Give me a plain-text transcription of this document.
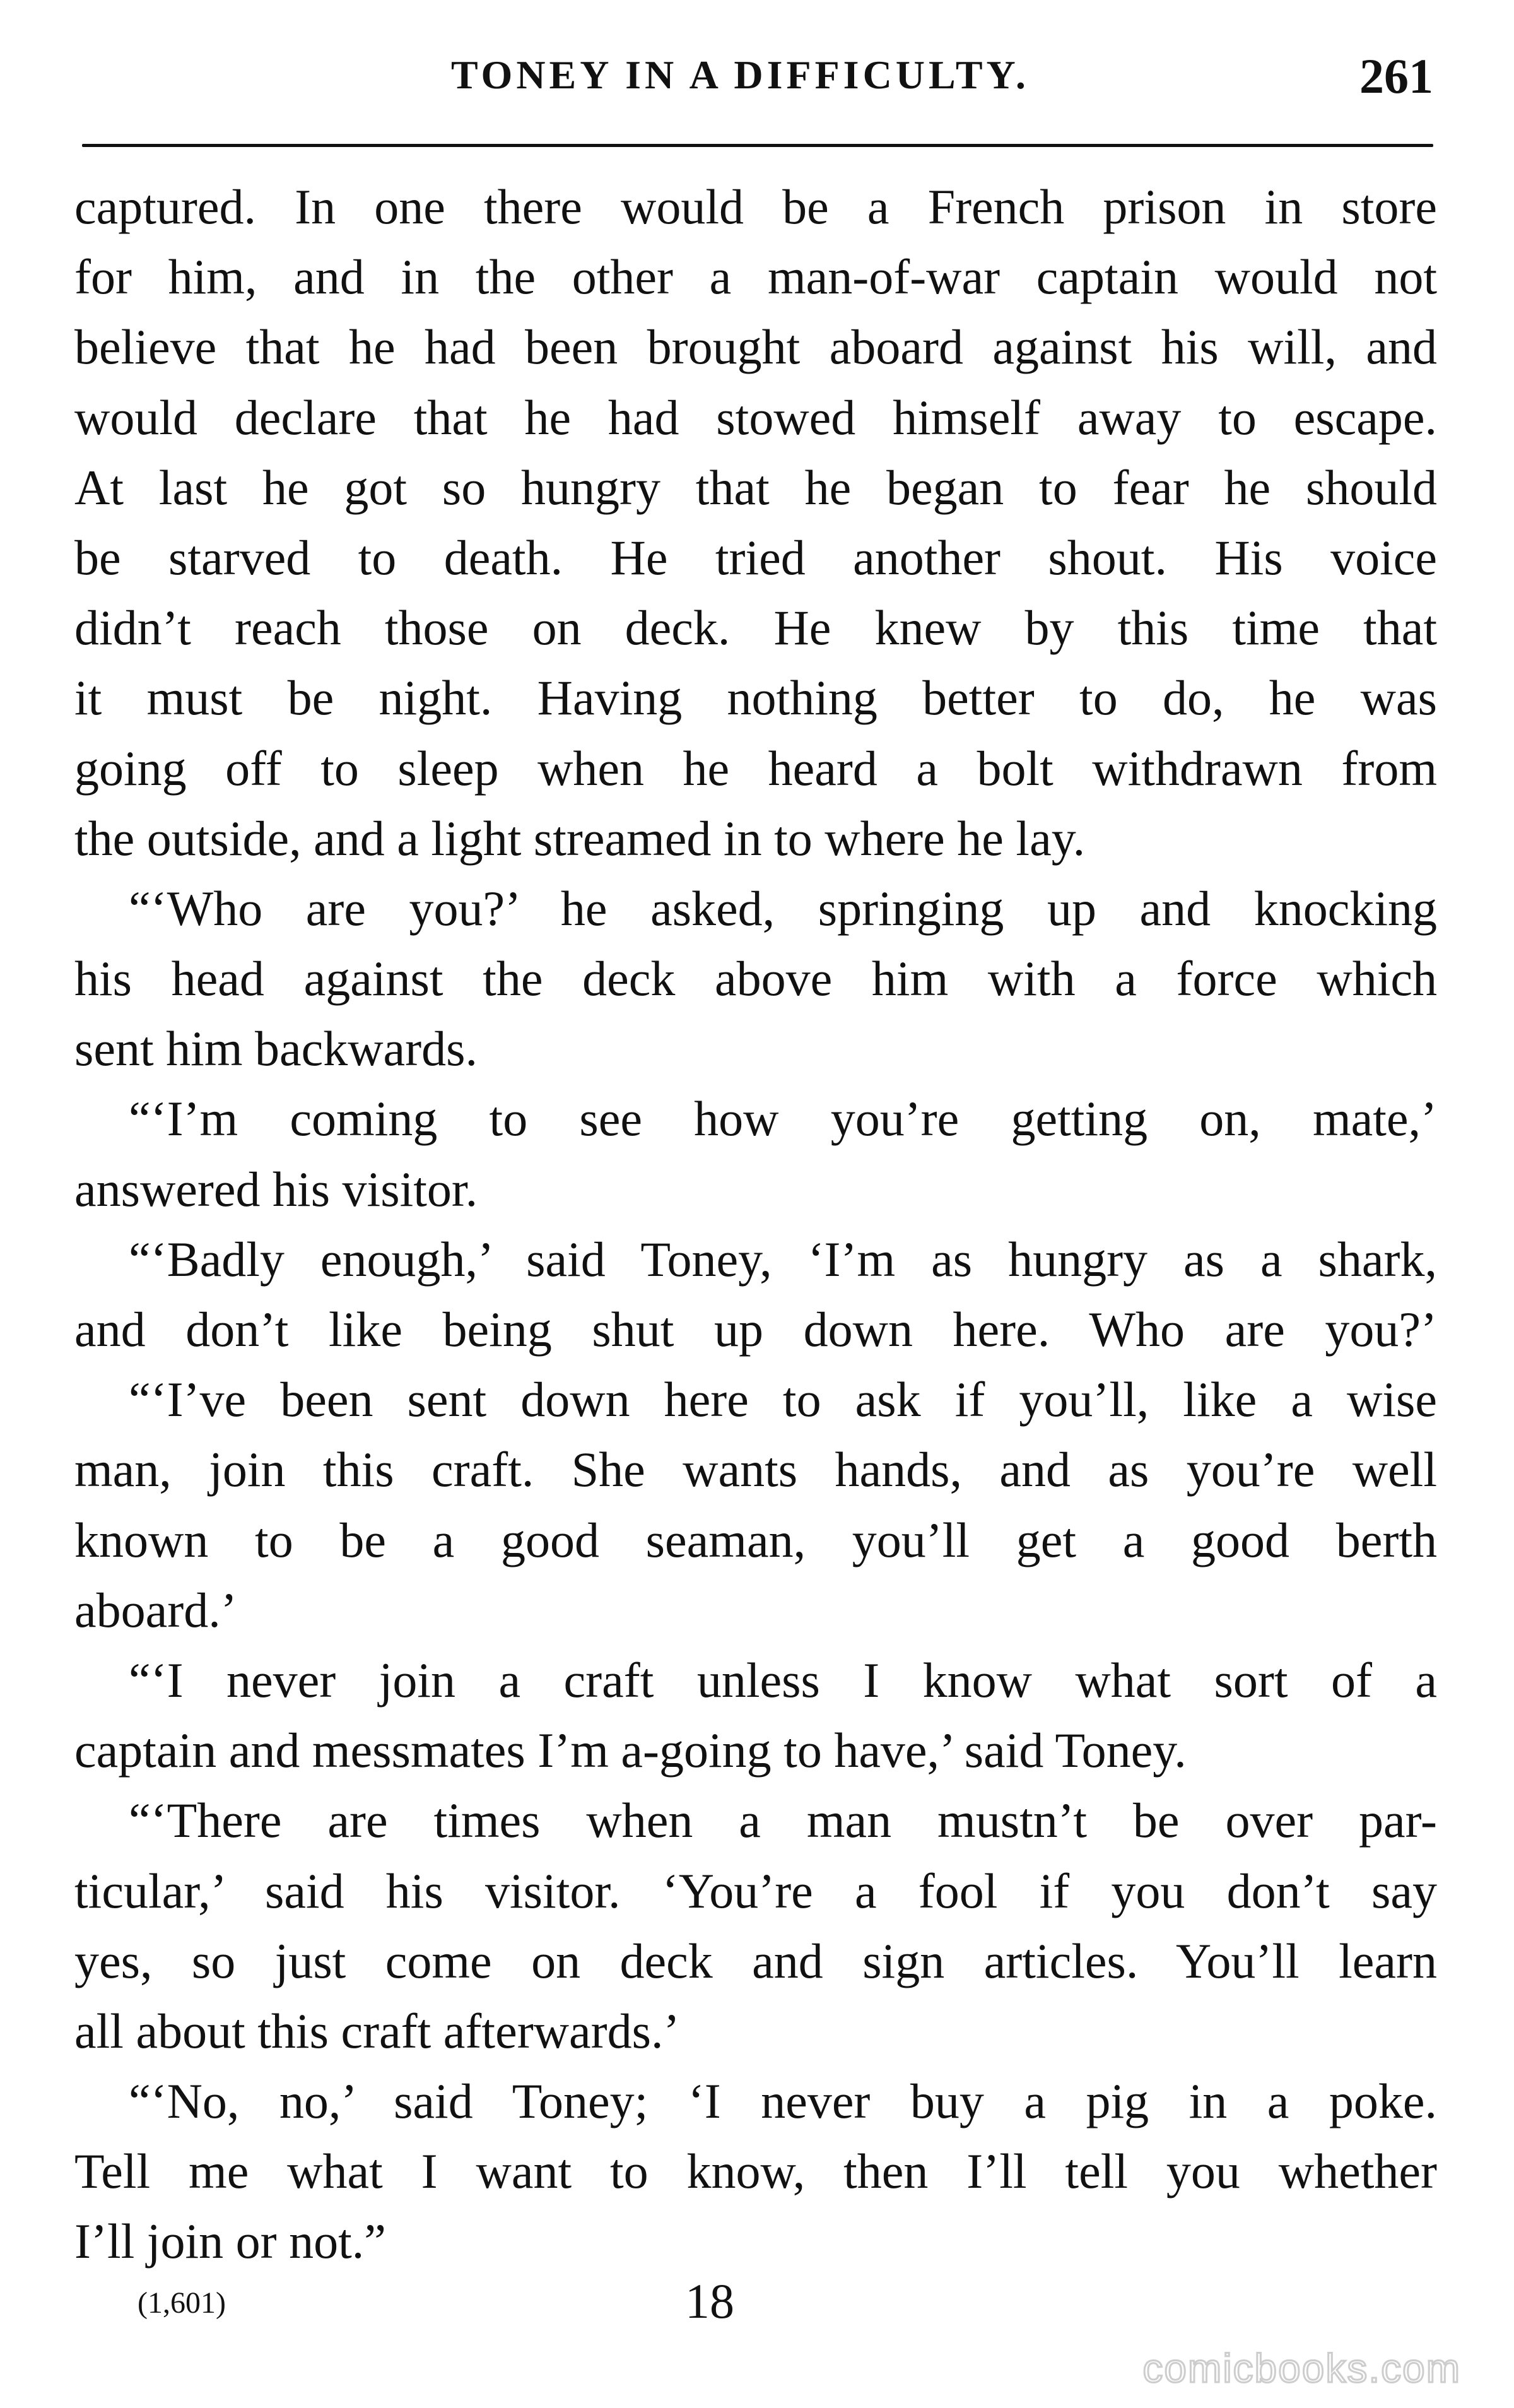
TONEY IN A DIFFICULTY.	261
captured. In one there would be a French prison in store
for him, and in the other a man-of-war captain would not
believe that he had been brought aboard against his will, and
would declare that he had stowed himself away to escape.
At last he got so hungry that he began to fear he should
be starved to death. He tried another shout. His voice
didn’t reach those on deck. He knew by this time that
it must be night. Having nothing better to do, he was
going off to sleep when he heard a bolt withdrawn from
the outside, and a light streamed in to where he lay.
“‘Who are you?’ he asked, springing up and knocking
his head against the deck above him with a force which
sent him backwards.
“‘I’m coming to see how you’re getting on, mate,’
answered his visitor.
“‘Badly enough,’ said Toney, ‘I’m as hungry as a shark,
and don’t like being shut up down here. Who are you?’
“‘I’ve been sent down here to ask if you’ll, like a wise
man, join this craft. She wants hands, and as you’re well
known to be a good seaman, you’ll get a good berth
aboard.’
“‘I never join a craft unless I know what sort of a
captain and messmates I’m a-going to have,’ said Toney.
“‘There are times when a man mustn’t be over par-
ticular,’ said his visitor. ‘You’re a fool if you don’t say
yes, so just come on deck and sign articles. You’ll learn
all about this craft afterwards.’
“‘No, no,’ said Toney; ‘I never buy a pig in a poke.
Tell me what I want to know, then I’ll tell you whether
I’ll join or not.”
(1,601)	18
comicbooks.com
